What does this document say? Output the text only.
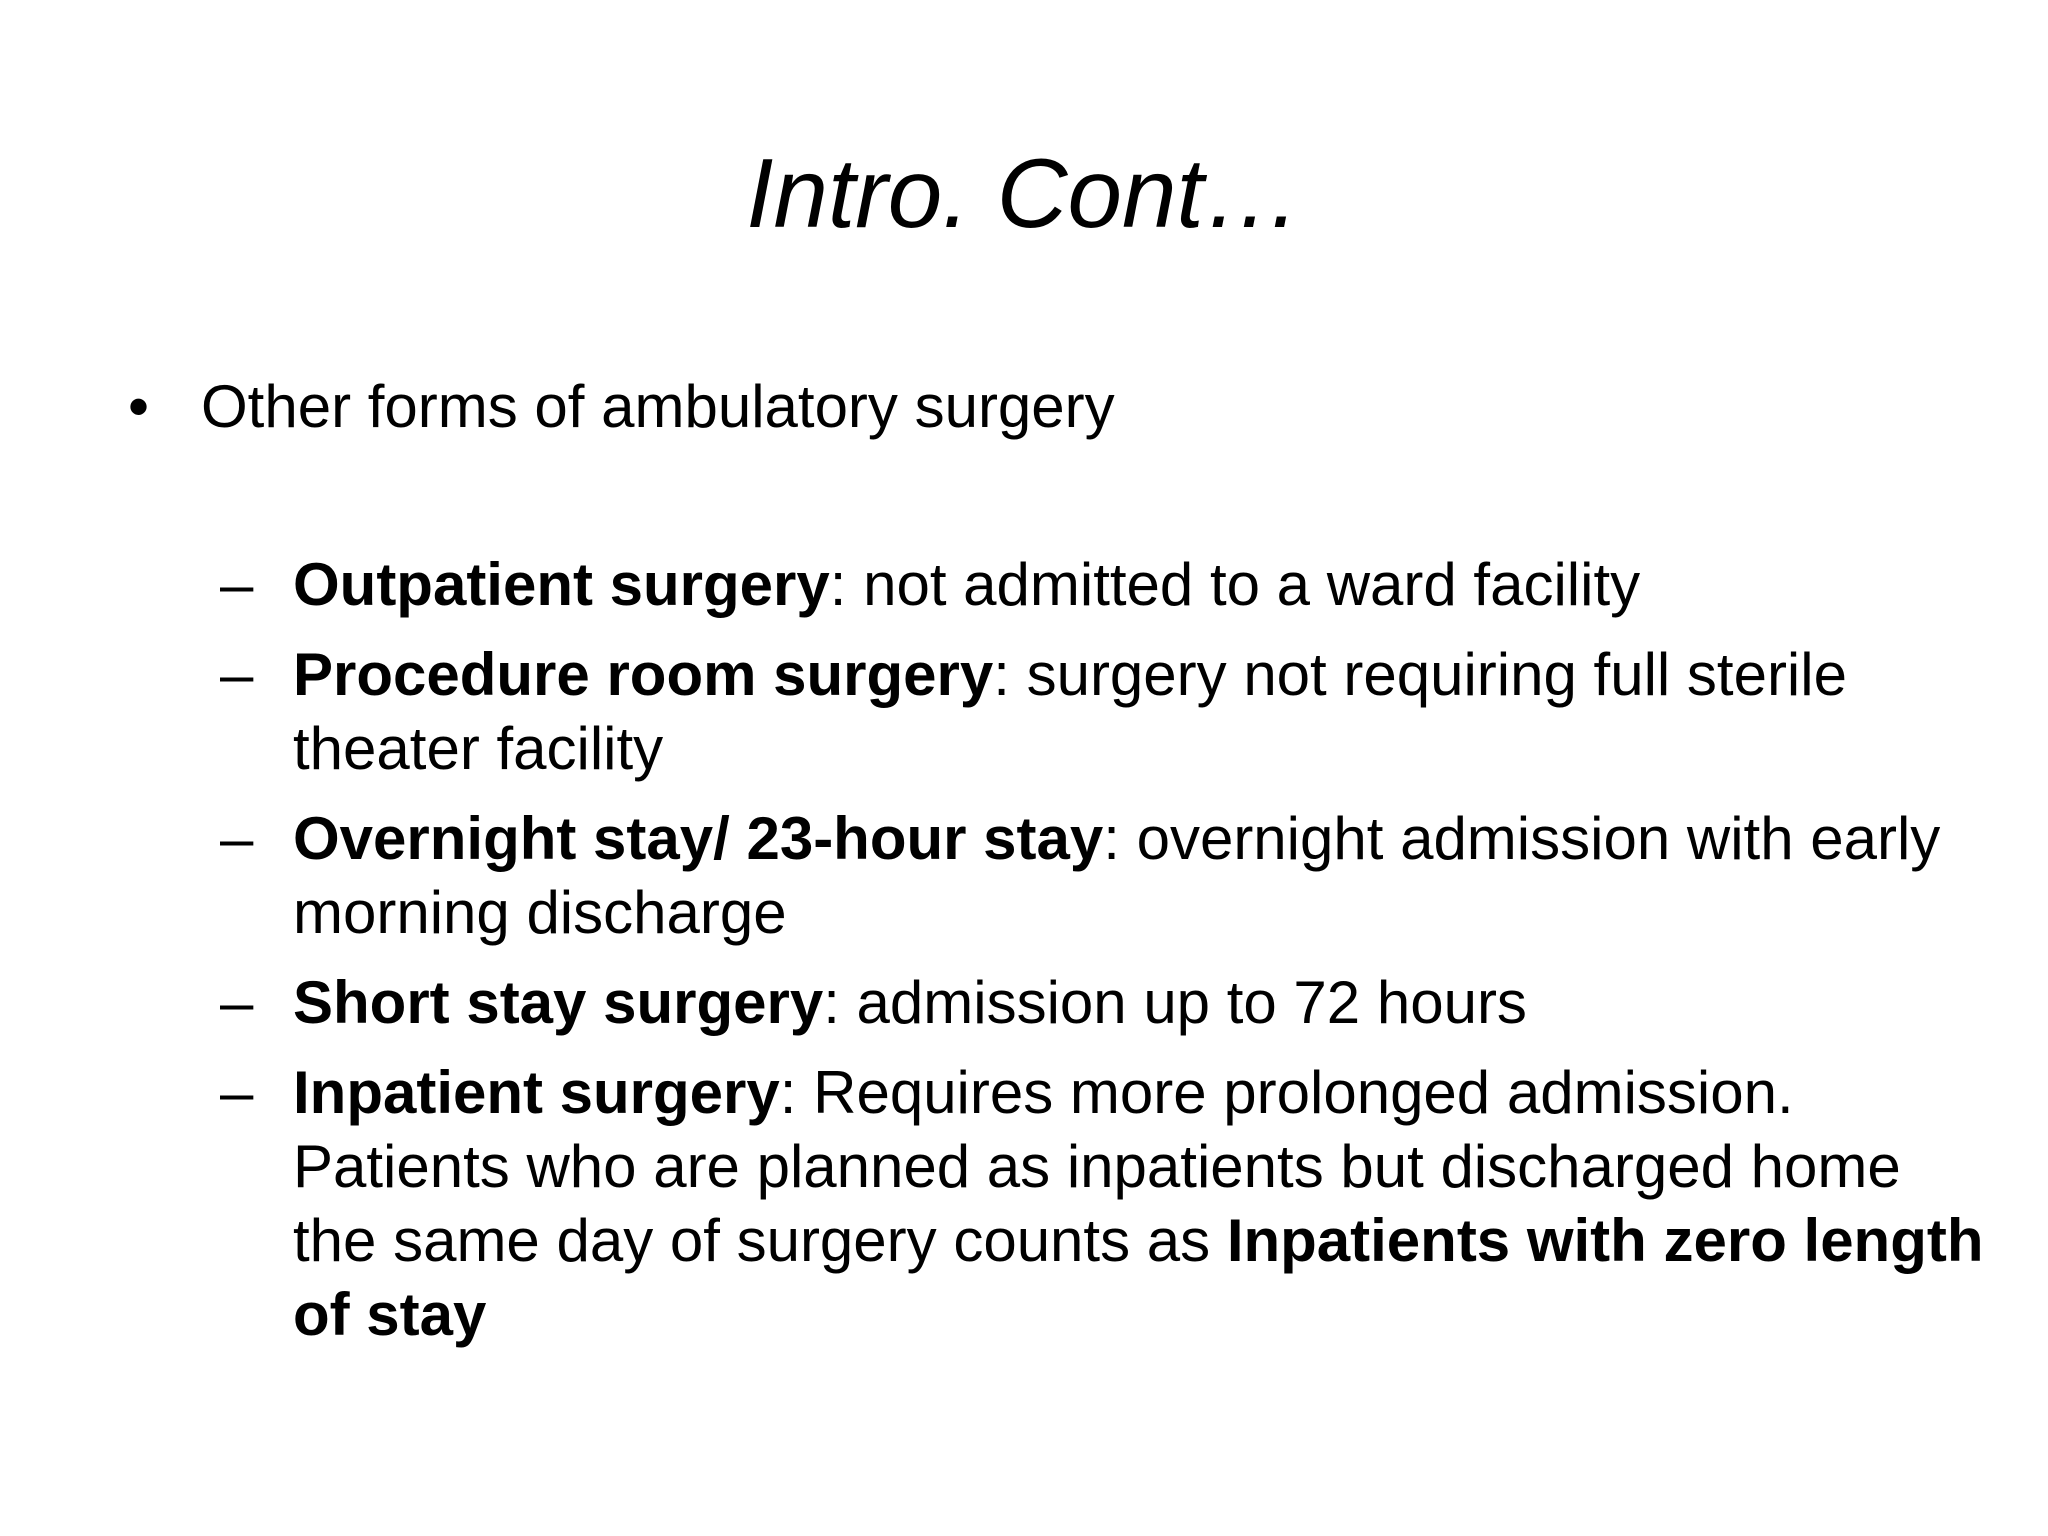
Intro. Cont…
• Other forms of ambulatory surgery
– Outpatient surgery: not admitted to a ward facility
– Procedure room surgery: surgery not requiring full sterile theater facility
– Overnight stay/ 23-hour stay: overnight admission with early morning discharge
– Short stay surgery: admission up to 72 hours
– Inpatient surgery: Requires more prolonged admission. Patients who are planned as inpatients but discharged home the same day of surgery counts as Inpatients with zero length of stay
